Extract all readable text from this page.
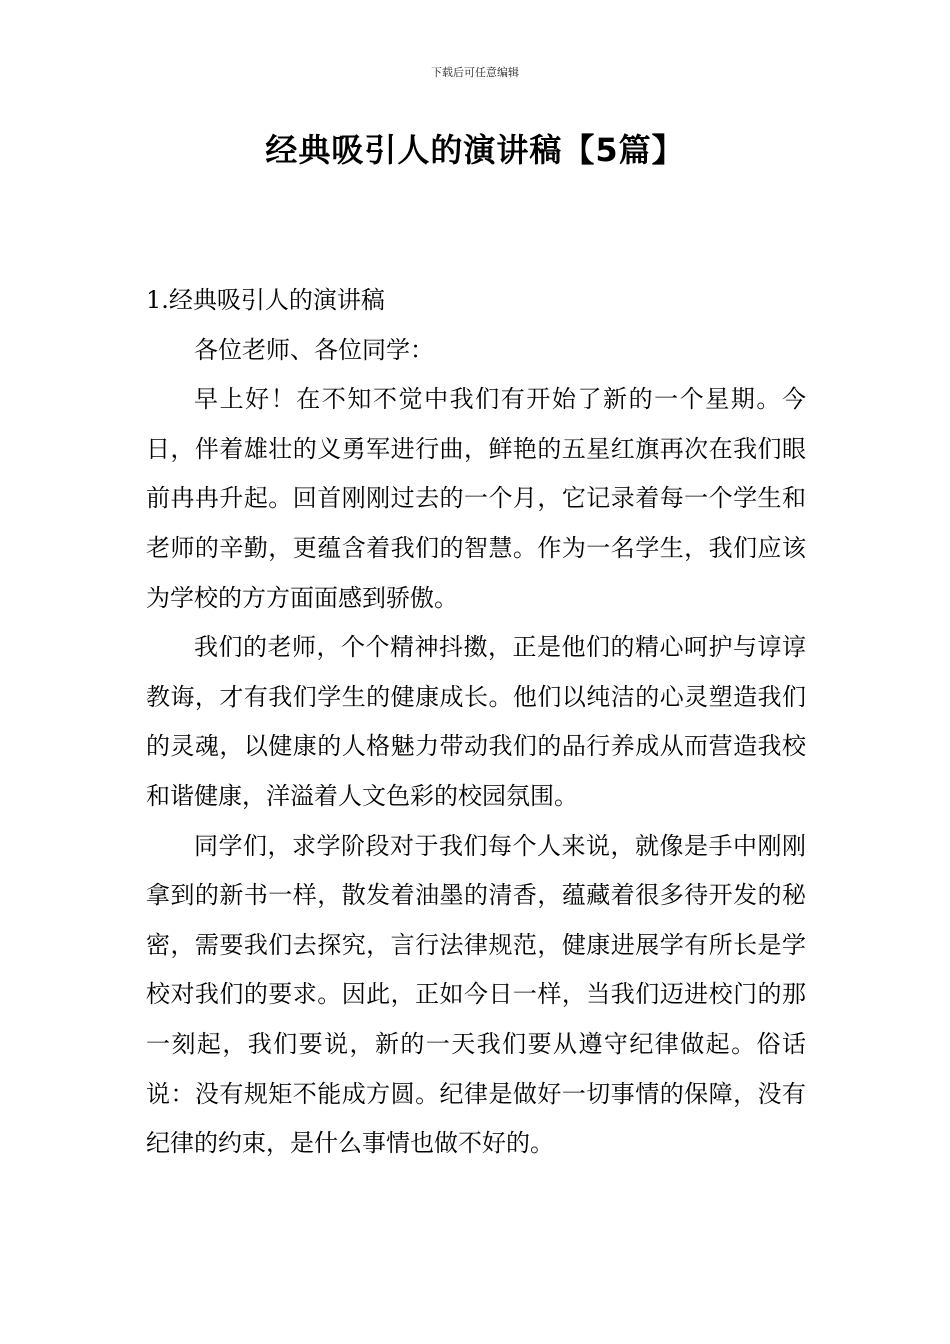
下载后可任意编辑
经典吸引人的演讲稿【5篇】

1.经典吸引人的演讲稿

各位老师、各位同学：

早上好！在不知不觉中我们有开始了新的一个星期。今日，伴着雄壮的义勇军进行曲，鲜艳的五星红旗再次在我们眼前冉冉升起。回首刚刚过去的一个月，它记录着每一个学生和老师的辛勤，更蕴含着我们的智慧。作为一名学生，我们应该为学校的方方面面感到骄傲。

我们的老师，个个精神抖擞，正是他们的精心呵护与谆谆教诲，才有我们学生的健康成长。他们以纯洁的心灵塑造我们的灵魂，以健康的人格魅力带动我们的品行养成从而营造我校和谐健康，洋溢着人文色彩的校园氛围。

同学们，求学阶段对于我们每个人来说，就像是手中刚刚拿到的新书一样，散发着油墨的清香，蕴藏着很多待开发的秘密，需要我们去探究，言行法律规范，健康进展学有所长是学校对我们的要求。因此，正如今日一样，当我们迈进校门的那一刻起，我们要说，新的一天我们要从遵守纪律做起。俗话说：没有规矩不能成方圆。纪律是做好一切事情的保障，没有纪律的约束，是什么事情也做不好的。
